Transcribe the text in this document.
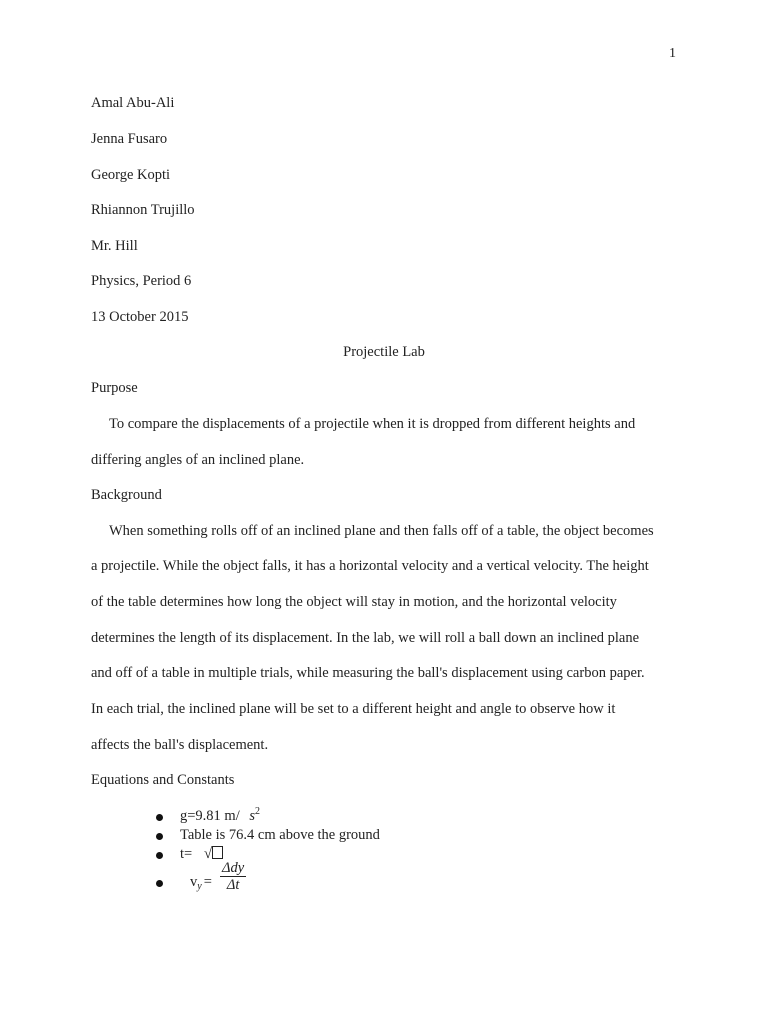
1
Amal Abu-Ali
Jenna Fusaro
George Kopti
Rhiannon Trujillo
Mr. Hill
Physics, Period 6
13 October 2015
Projectile Lab
Purpose
To compare the displacements of a projectile when it is dropped from different heights and
differing angles of an inclined plane.
Background
When something rolls off of an inclined plane and then falls off of a table, the object becomes
a projectile. While the object falls, it has a horizontal velocity and a vertical velocity. The height
of the table determines how long the object will stay in motion, and the horizontal velocity
determines the length of its displacement. In the lab, we will roll a ball down an inclined plane
and off of a table in multiple trials, while measuring the ball's displacement using carbon paper.
In each trial, the inclined plane will be set to a different height and angle to observe how it
affects the ball's displacement.
Equations and Constants
g=9.81 m/ $s^2$
Table is 76.4 cm above the ground
t= √
$v_y$ =
Δdy
Δt
